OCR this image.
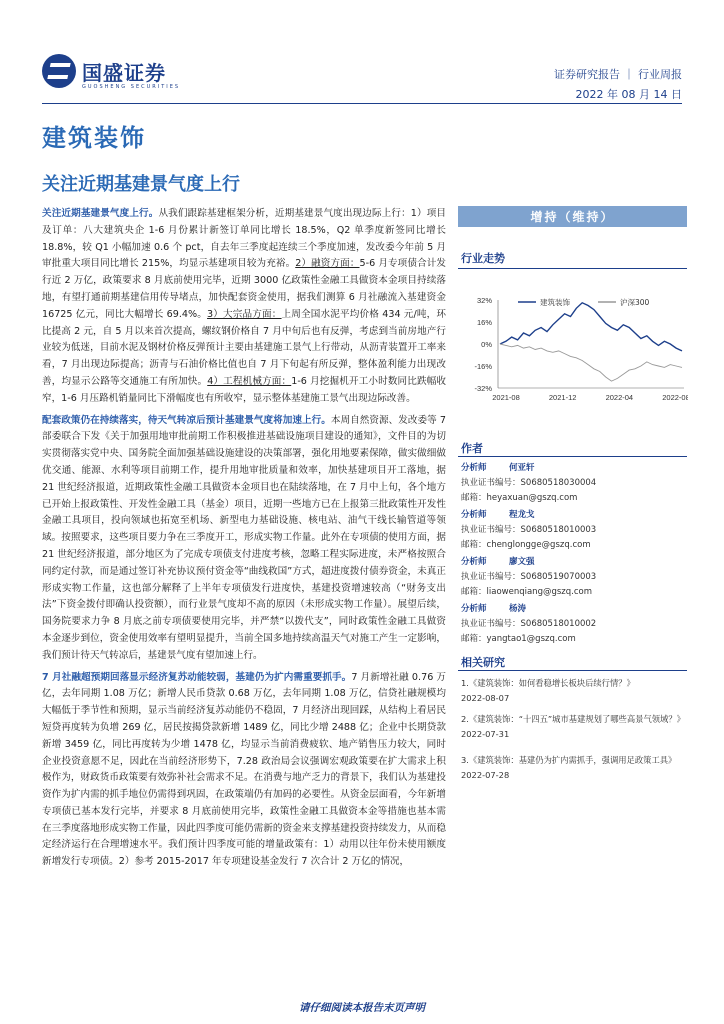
国盛证券
GUOSHENG SECURITIES
证券研究报告 ｜ 行业周报
2022 年 08 月 14 日
建筑装饰
关注近期基建景气度上行

关注近期基建景气度上行。从我们跟踪基建框架分析，近期基建景气度出现边际上行：1）项目及订单：八大建筑央企 1-6 月份累计新签订单同比增长 18.5%，Q2 单季度新签同比增长 18.8%，较 Q1 小幅加速 0.6 个 pct，自去年三季度起连续三个季度加速，发改委今年前 5 月审批重大项目同比增长 215%，均显示基建项目较为充裕。2）融资方面：5-6 月专项债合计发行近 2 万亿，政策要求 8 月底前使用完毕，近期 3000 亿政策性金融工具做资本金项目持续落地，有望打通前期基建信用传导堵点，加快配套资金使用，据我们测算 6 月社融流入基建资金 16725 亿元，同比大幅增长 69.4%。3）大宗品方面：上周全国水泥平均价格 434 元/吨，环比提高 2 元，自 5 月以来首次提高，螺纹钢价格自 7 月中旬后也有反弹，考虑到当前房地产行业较为低迷，目前水泥及钢材价格反弹预计主要由基建施工景气上行带动，从沥青装置开工率来看，7 月出现边际提高；沥青与石油价格比值也自 7 月下旬起有所反弹，整体盈利能力出现改善，均显示公路等交通施工有所加快。4）工程机械方面：1-6 月挖掘机开工小时数同比跌幅收窄，1-6 月压路机销量同比下滑幅度也有所收窄，显示整体基建施工景气出现边际改善。

配套政策仍在持续落实，待天气转凉后预计基建景气度将加速上行。本周自然资源、发改委等 7 部委联合下发《关于加强用地审批前期工作积极推进基础设施项目建设的通知》，文件目的为切实贯彻落实党中央、国务院全面加强基础设施建设的决策部署，强化用地要素保障，做实做细做优交通、能源、水利等项目前期工作，提升用地审批质量和效率，加快基建项目开工落地，据 21 世纪经济报道，近期政策性金融工具做资本金项目也在陆续落地，在 7 月中上旬，各个地方已开始上报政策性、开发性金融工具（基金）项目，近期一些地方已在上报第三批政策性开发性金融工具项目，投向领域也拓宽至机场、新型电力基础设施、核电站、油气干线长输管道等领域。按照要求，这些项目要力争在三季度开工，形成实物工作量。此外在专项债的使用方面，据 21 世纪经济报道，部分地区为了完成专项债支付进度考核，忽略工程实际进度，未严格按照合同约定付款，而是通过签订补充协议预付资金等“曲线救国”方式，超进度拨付债券资金，未真正形成实物工作量，这也部分解释了上半年专项债发行进度快，基建投资增速较高（“财务支出法”下资金拨付即确认投资额），而行业景气度却不高的原因（未形成实物工作量）。展望后续，国务院要求力争 8 月底之前专项债要使用完毕，并严禁“以拨代支”，同时政策性金融工具做资本金逐步到位，资金使用效率有望明显提升，当前全国多地持续高温天气对施工产生一定影响，我们预计待天气转凉后，基建景气度有望加速上行。

7 月社融超预期回落显示经济复苏动能较弱，基建仍为扩内需重要抓手。7 月新增社融 0.76 万亿，去年同期 1.08 万亿；新增人民币贷款 0.68 万亿，去年同期 1.08 万亿，信贷社融规模均大幅低于季节性和预期，显示当前经济复苏动能仍不稳固，7 月经济出现回踩，从结构上看居民短贷再度转为负增 269 亿，居民按揭贷款新增 1489 亿，同比少增 2488 亿；企业中长期贷款新增 3459 亿，同比再度转为少增 1478 亿，均显示当前消费疲软、地产销售压力较大，同时企业投资意愿不足，因此在当前经济形势下，7.28 政治局会议强调宏观政策要在扩大需求上积极作为，财政货币政策要有效弥补社会需求不足。在消费与地产乏力的背景下，我们认为基建投资作为扩内需的抓手地位仍需得到巩固，在政策端仍有加码的必要性。从资金层面看，今年新增专项债已基本发行完毕，并要求 8 月底前使用完毕，政策性金融工具做资本金等措施也基本需在三季度落地形成实物工作量，因此四季度可能仍需新的资金来支撑基建投资持续发力，从而稳定经济运行在合理增速水平。我们预计四季度可能的增量政策有：1）动用以往年份未使用额度新增发行专项债。2）参考 2015-2017 年专项建设基金发行 7 次合计 2 万亿的情况，

增持（维持）
行业走势
32%
16%
0%
-16%
-32%
2021-08	2021-12	2022-04	2022-08
建筑装饰	沪深300
作者
分析师	何亚轩
执业证书编号：S0680518030004
邮箱：heyaxuan@gszq.com
分析师	程龙戈
执业证书编号：S0680518010003
邮箱：chenglongge@gszq.com
分析师	廖文强
执业证书编号：S0680519070003
邮箱：liaowenqiang@gszq.com
分析师	杨涛
执业证书编号：S0680518010002
邮箱：yangtao1@gszq.com
相关研究
1.《建筑装饰：如何看稳增长板块后续行情？》
2022-08-07
2.《建筑装饰：“十四五”城市基建规划了哪些高景气领域？》
2022-07-31
3.《建筑装饰：基建仍为扩内需抓手，强调用足政策工具》
2022-07-28
请仔细阅读本报告末页声明
